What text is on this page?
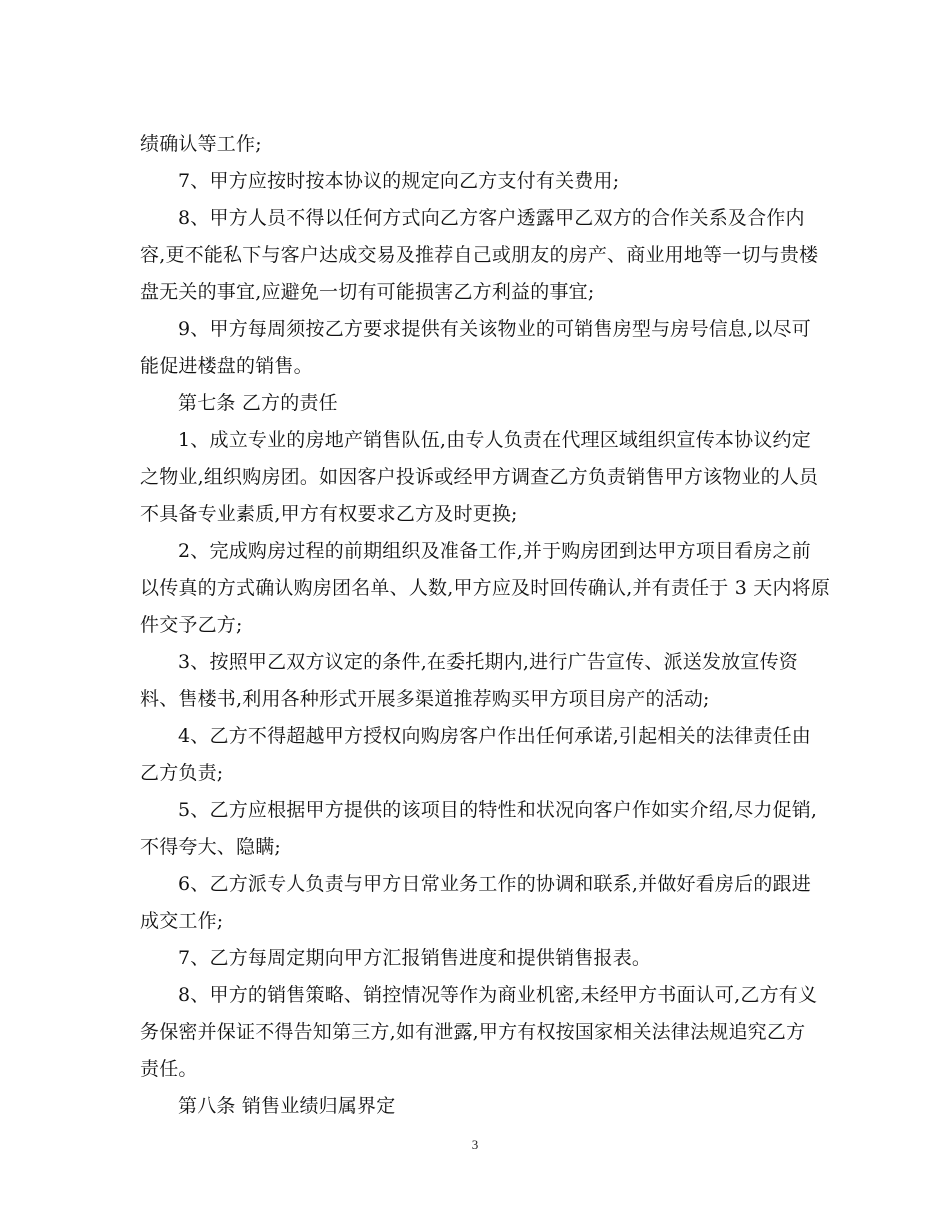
绩确认等工作;
7、甲方应按时按本协议的规定向乙方支付有关费用;
8、甲方人员不得以任何方式向乙方客户透露甲乙双方的合作关系及合作内
容,更不能私下与客户达成交易及推荐自己或朋友的房产、商业用地等一切与贵楼
盘无关的事宜,应避免一切有可能损害乙方利益的事宜;
9、甲方每周须按乙方要求提供有关该物业的可销售房型与房号信息,以尽可
能促进楼盘的销售。
第七条 乙方的责任
1、成立专业的房地产销售队伍,由专人负责在代理区域组织宣传本协议约定
之物业,组织购房团。如因客户投诉或经甲方调查乙方负责销售甲方该物业的人员
不具备专业素质,甲方有权要求乙方及时更换;
2、完成购房过程的前期组织及准备工作,并于购房团到达甲方项目看房之前
以传真的方式确认购房团名单、人数,甲方应及时回传确认,并有责任于 3 天内将原
件交予乙方;
3、按照甲乙双方议定的条件,在委托期内,进行广告宣传、派送发放宣传资
料、售楼书,利用各种形式开展多渠道推荐购买甲方项目房产的活动;
4、乙方不得超越甲方授权向购房客户作出任何承诺,引起相关的法律责任由
乙方负责;
5、乙方应根据甲方提供的该项目的特性和状况向客户作如实介绍,尽力促销,
不得夸大、隐瞒;
6、乙方派专人负责与甲方日常业务工作的协调和联系,并做好看房后的跟进
成交工作;
7、乙方每周定期向甲方汇报销售进度和提供销售报表。
8、甲方的销售策略、销控情况等作为商业机密,未经甲方书面认可,乙方有义
务保密并保证不得告知第三方,如有泄露,甲方有权按国家相关法律法规追究乙方
责任。
第八条 销售业绩归属界定
3
